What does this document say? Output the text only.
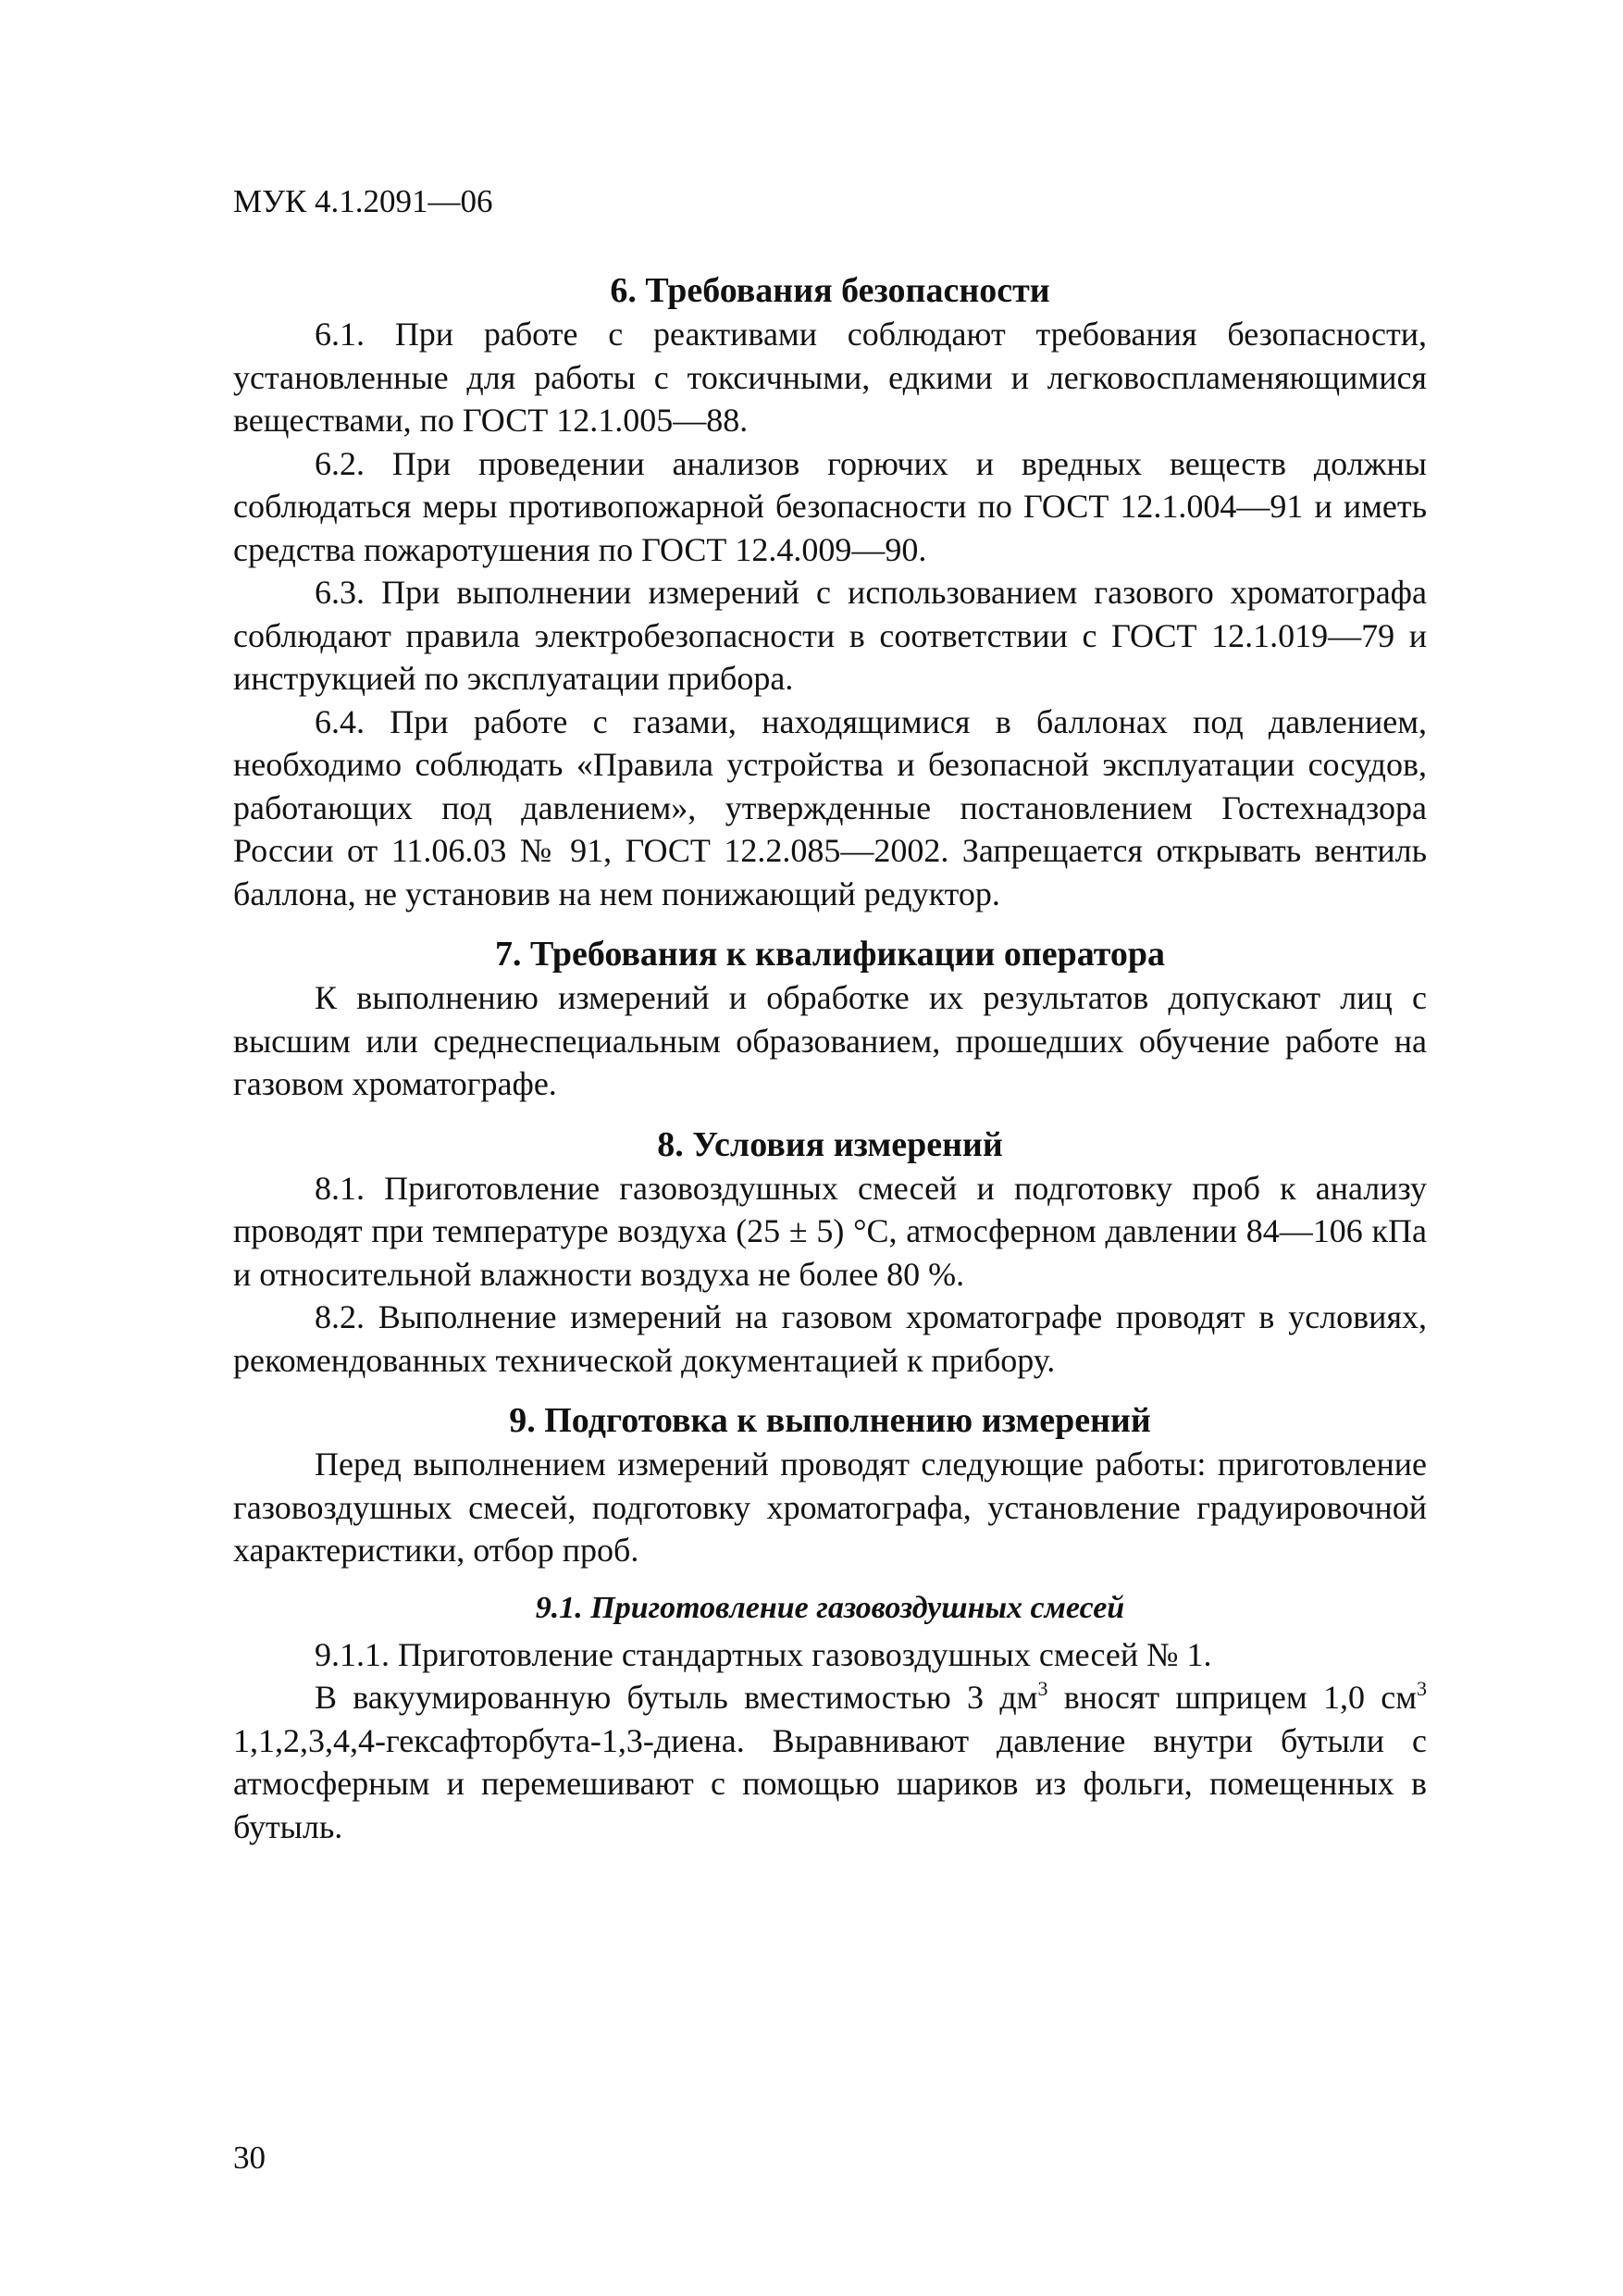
МУК 4.1.2091—06
6. Требования безопасности

6.1. При работе с реактивами соблюдают требования безопасности, установленные для работы с токсичными, едкими и легковоспламеняющимися веществами, по ГОСТ 12.1.005—88.

6.2. При проведении анализов горючих и вредных веществ должны соблюдаться меры противопожарной безопасности по ГОСТ 12.1.004—91 и иметь средства пожаротушения по ГОСТ 12.4.009—90.

6.3. При выполнении измерений с использованием газового хроматографа соблюдают правила электробезопасности в соответствии с ГОСТ 12.1.019—79 и инструкцией по эксплуатации прибора.

6.4. При работе с газами, находящимися в баллонах под давлением, необходимо соблюдать «Правила устройства и безопасной эксплуатации сосудов, работающих под давлением», утвержденные постановлением Гостехнадзора России от 11.06.03 № 91, ГОСТ 12.2.085—2002. Запрещается открывать вентиль баллона, не установив на нем понижающий редуктор.

7. Требования к квалификации оператора

К выполнению измерений и обработке их результатов допускают лиц с высшим или среднеспециальным образованием, прошедших обучение работе на газовом хроматографе.

8. Условия измерений

8.1. Приготовление газовоздушных смесей и подготовку проб к анализу проводят при температуре воздуха (25 ± 5) °С, атмосферном давлении 84—106 кПа и относительной влажности воздуха не более 80 %.

8.2. Выполнение измерений на газовом хроматографе проводят в условиях, рекомендованных технической документацией к прибору.

9. Подготовка к выполнению измерений

Перед выполнением измерений проводят следующие работы: приготовление газовоздушных смесей, подготовку хроматографа, установление градуировочной характеристики, отбор проб.

9.1. Приготовление газовоздушных смесей

9.1.1. Приготовление стандартных газовоздушных смесей № 1.

В вакуумированную бутыль вместимостью 3 $дм^3$ вносят шприцем 1,0 $см^3$ 1,1,2,3,4,4-гексафторбута-1,3-диена. Выравнивают давление внутри бутыли с атмосферным и перемешивают с помощью шариков из фольги, помещенных в бутыль.

30
